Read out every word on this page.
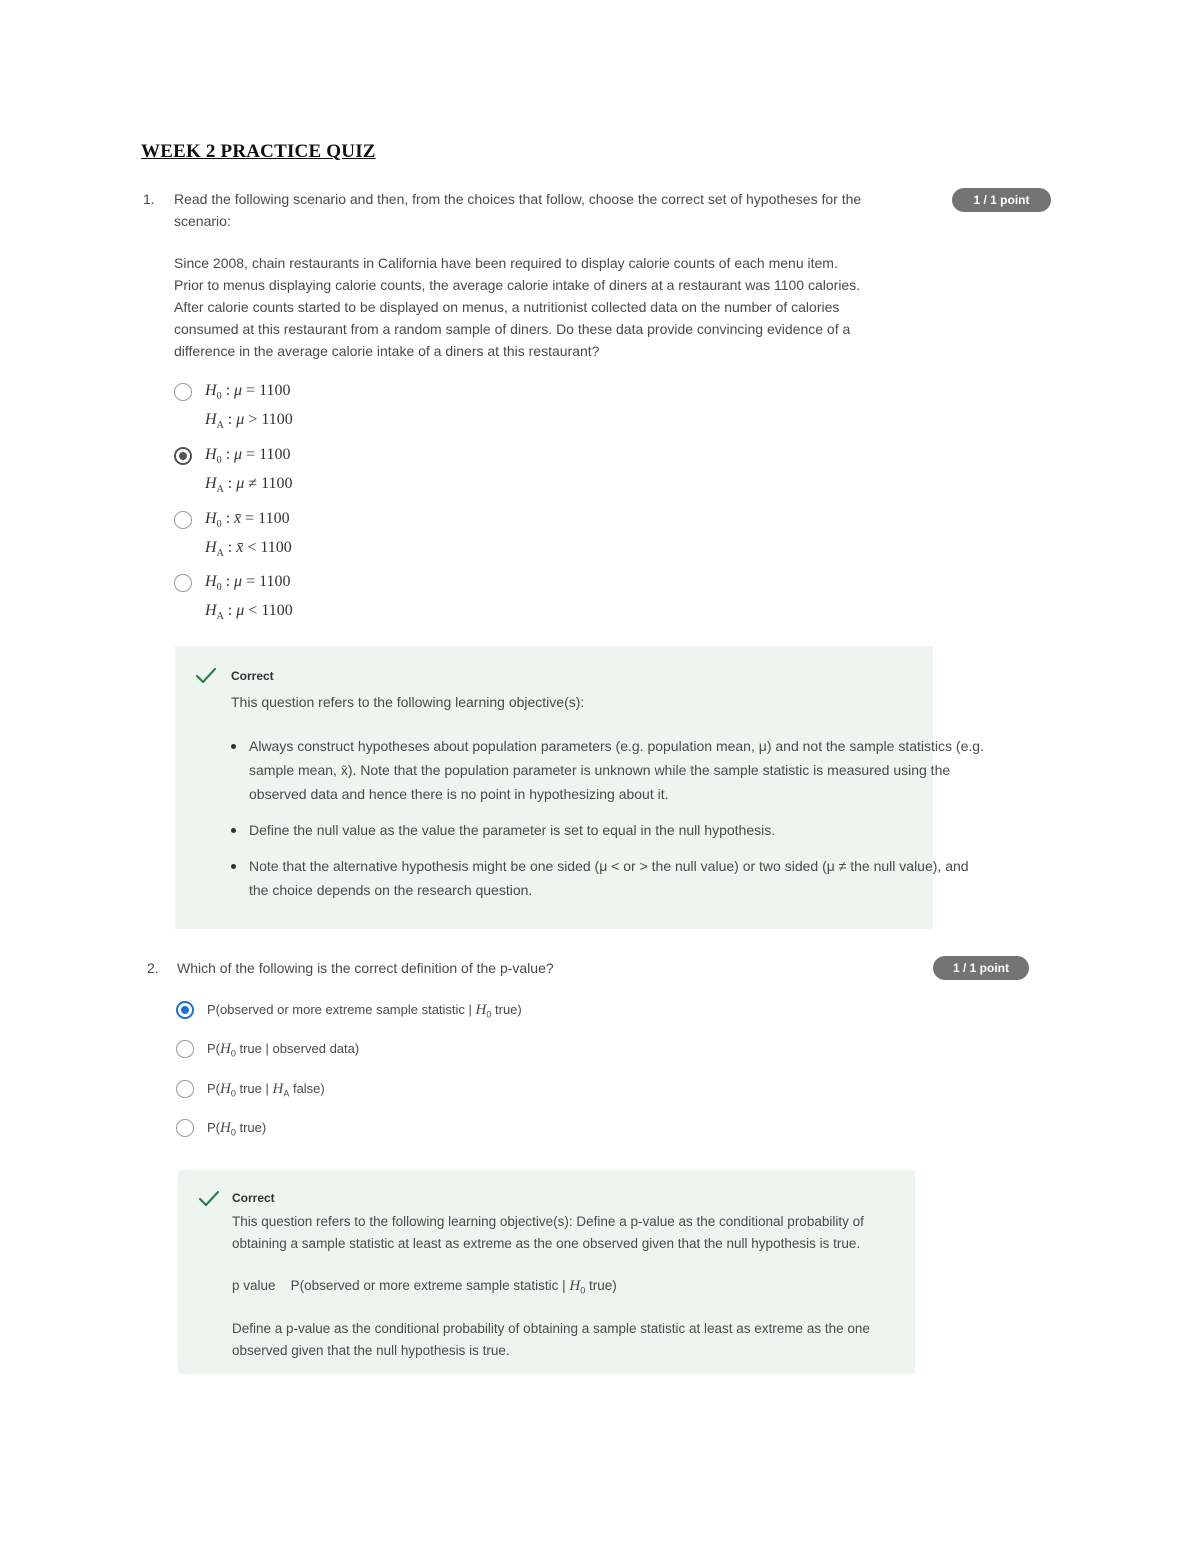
WEEK 2 PRACTICE QUIZ
1. Read the following scenario and then, from the choices that follow, choose the correct set of hypotheses for the
scenario:
1 / 1 point

Since 2008, chain restaurants in California have been required to display calorie counts of each menu item.

Prior to menus displaying calorie counts, the average calorie intake of diners at a restaurant was 1100 calories.

After calorie counts started to be displayed on menus, a nutritionist collected data on the number of calories

consumed at this restaurant from a random sample of diners. Do these data provide convincing evidence of a

difference in the average calorie intake of a diners at this restaurant?

$H_0$ : μ = 1100
$H_A$ : μ > 1100
$H_0$ : μ = 1100
$H_A$ : μ ≠ 1100
$H_0$ : x̄ = 1100
$H_A$ : x̄ < 1100
$H_0$ : μ = 1100
$H_A$ : μ < 1100
Correct
This question refers to the following learning objective(s):
Always construct hypotheses about population parameters (e.g. population mean, μ) and not the sample statistics (e.g. sample mean, x̄). Note that the population parameter is unknown while the sample statistic is measured using the observed data and hence there is no point in hypothesizing about it.
Define the null value as the value the parameter is set to equal in the null hypothesis.
Note that the alternative hypothesis might be one sided (μ < or > the null value) or two sided (μ ≠ the null value), and the choice depends on the research question.
2. Which of the following is the correct definition of the p-value?	1 / 1 point
P(observed or more extreme sample statistic | $H_0$ true)
$P(H_0$ true | observed data)
$P(H_0$ true | $H_A$ false)
$P(H_0$ true)
Correct
This question refers to the following learning objective(s): Define a p-value as the conditional probability of
obtaining a sample statistic at least as extreme as the one observed given that the null hypothesis is true.
p value P(observed or more extreme sample statistic | $H_0$ true)
Define a p-value as the conditional probability of obtaining a sample statistic at least as extreme as the one
observed given that the null hypothesis is true.
